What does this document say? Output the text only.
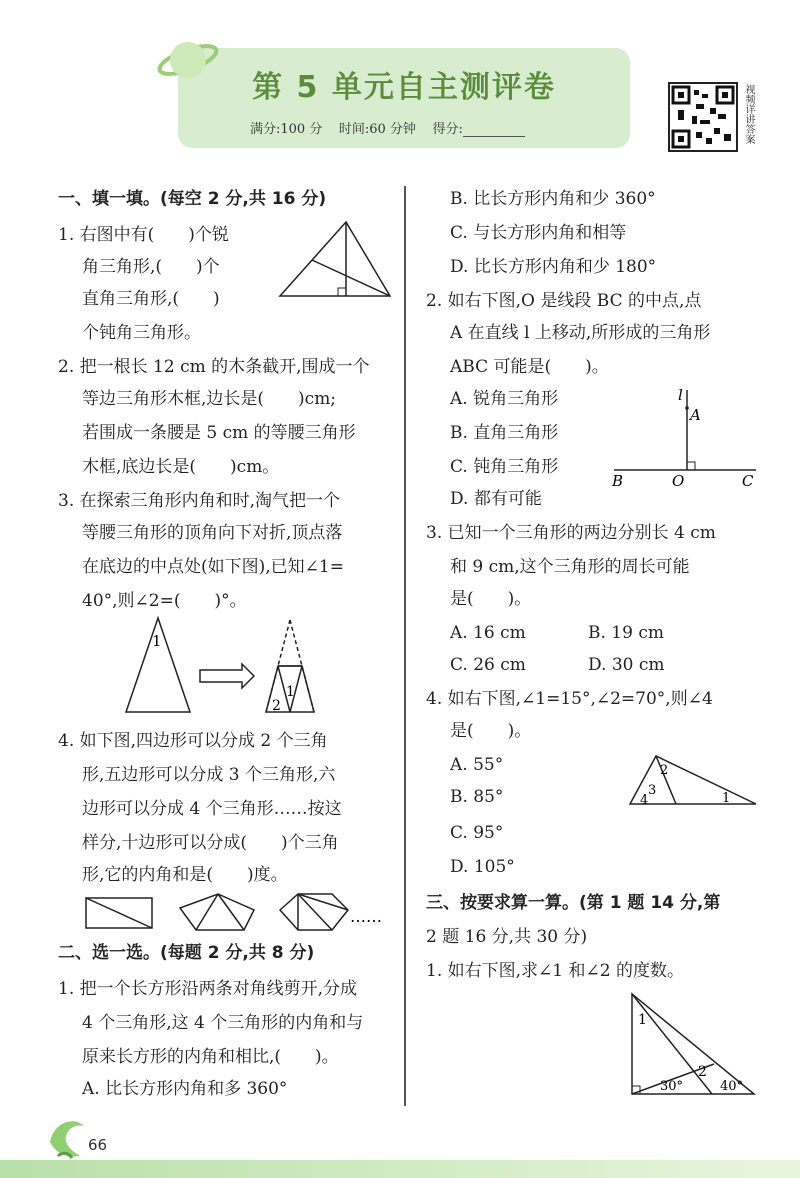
第 5 单元自主测评卷
满分:100 分 时间:60 分钟 得分:	视频详讲答案
一、填一填。(每空 2 分,共 16 分)
1. 右图中有(　　)个锐
角三角形,(　　)个
直角三角形,(　　)
个钝角三角形。
2. 把一根长 12 cm 的木条截开,围成一个
等边三角形木框,边长是(　　)cm;
若围成一条腰是 5 cm 的等腰三角形
木框,底边长是(　　)cm。
3. 在探索三角形内角和时,淘气把一个
等腰三角形的顶角向下对折,顶点落
在底边的中点处(如下图),已知∠1=
40°,则∠2=(　　)°。
4. 如下图,四边形可以分成 2 个三角
形,五边形可以分成 3 个三角形,六
边形可以分成 4 个三角形……按这
样分,十边形可以分成(　　)个三角
形,它的内角和是(　　)度。
二、选一选。(每题 2 分,共 8 分)
1. 把一个长方形沿两条对角线剪开,分成
4 个三角形,这 4 个三角形的内角和与
原来长方形的内角和相比,(　　)。
A. 比长方形内角和多 360°
1
1
2
……
B. 比长方形内角和少 360°
C. 与长方形内角和相等
D. 比长方形内角和少 180°
2. 如右下图,O 是线段 BC 的中点,点
A 在直线 l 上移动,所形成的三角形
ABC 可能是(　　)。
A. 锐角三角形
B. 直角三角形
C. 钝角三角形
D. 都有可能
3. 已知一个三角形的两边分别长 4 cm
和 9 cm,这个三角形的周长可能
是(　　)。
A. 16 cm	B. 19 cm
C. 26 cm	D. 30 cm
4. 如右下图,∠1=15°,∠2=70°,则∠4
是(　　)。
A. 55°
B. 85°
C. 95°
D. 105°
三、按要求算一算。(第 1 题 14 分,第
2 题 16 分,共 30 分)
1. 如右下图,求∠1 和∠2 的度数。
l
A
B	O	C
2
3
4	1
1
2
30°	40°
66
